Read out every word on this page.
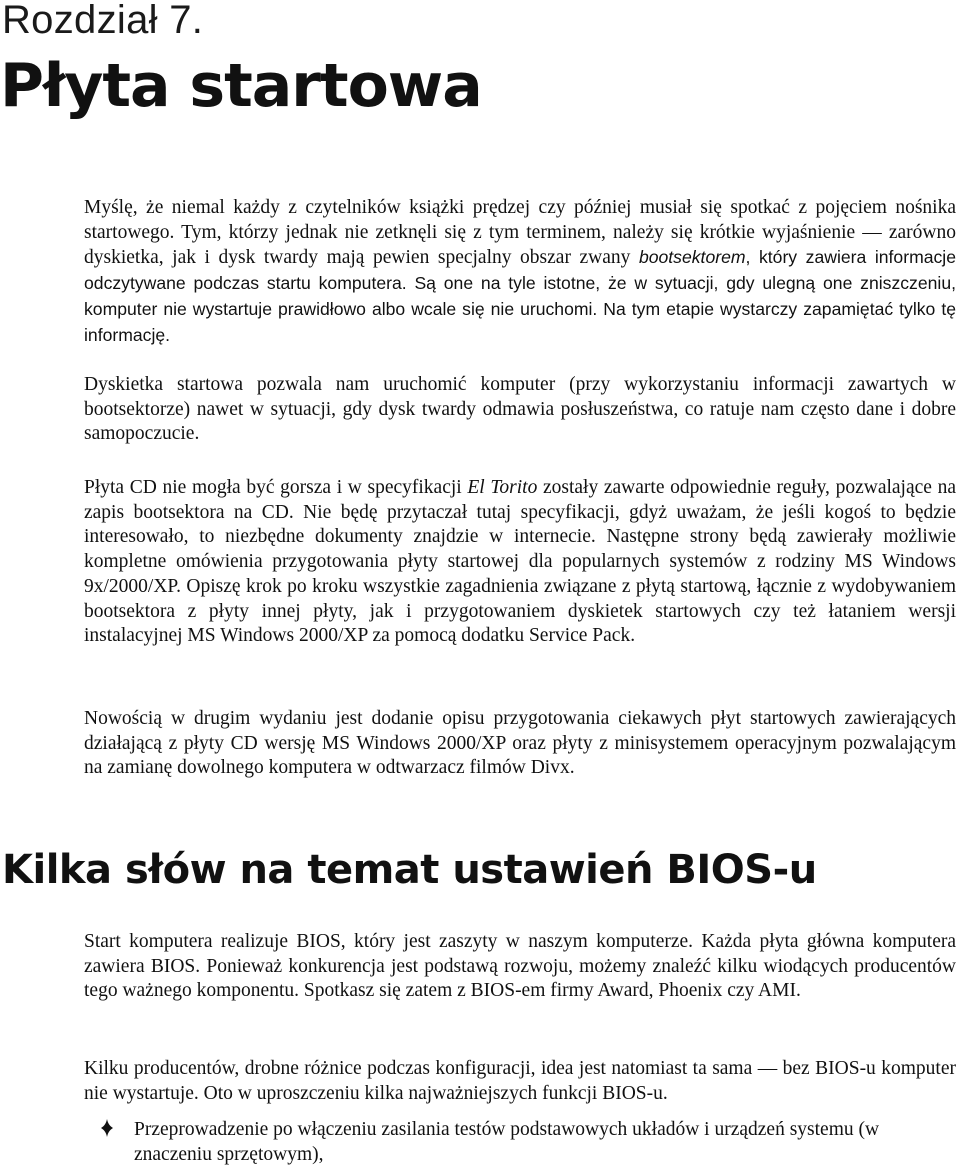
Rozdział 7.
Płyta startowa

Myślę, że niemal każdy z czytelników książki prędzej czy później musiał się spotkać z pojęciem nośnika startowego. Tym, którzy jednak nie zetknęli się z tym terminem, należy się krótkie wyjaśnienie — zarówno dyskietka, jak i dysk twardy mają pewien specjalny obszar zwany bootsektorem, który zawiera informacje odczytywane podczas startu komputera. Są one na tyle istotne, że w sytuacji, gdy ulegną one zniszczeniu, komputer nie wystartuje prawidłowo albo wcale się nie uruchomi. Na tym etapie wystarczy zapamiętać tylko tę informację.

Dyskietka startowa pozwala nam uruchomić komputer (przy wykorzystaniu informacji zawartych w bootsektorze) nawet w sytuacji, gdy dysk twardy odmawia posłuszeństwa, co ratuje nam często dane i dobre samopoczucie.

Płyta CD nie mogła być gorsza i w specyfikacji El Torito zostały zawarte odpowiednie reguły, pozwalające na zapis bootsektora na CD. Nie będę przytaczał tutaj specyfikacji, gdyż uważam, że jeśli kogoś to będzie interesowało, to niezbędne dokumenty znajdzie w internecie. Następne strony będą zawierały możliwie kompletne omówienia przygotowania płyty startowej dla popularnych systemów z rodziny MS Windows 9x/2000/XP. Opiszę krok po kroku wszystkie zagadnienia związane z płytą startową, łącznie z wydobywaniem bootsektora z płyty innej płyty, jak i przygotowaniem dyskietek startowych czy też łataniem wersji instalacyjnej MS Windows 2000/XP za pomocą dodatku Service Pack.

Nowością w drugim wydaniu jest dodanie opisu przygotowania ciekawych płyt startowych zawierających działającą z płyty CD wersję MS Windows 2000/XP oraz płyty z minisystemem operacyjnym pozwalającym na zamianę dowolnego komputera w odtwarzacz filmów Divx.

Kilka słów na temat ustawień BIOS-u

Start komputera realizuje BIOS, który jest zaszyty w naszym komputerze. Każda płyta główna komputera zawiera BIOS. Ponieważ konkurencja jest podstawą rozwoju, możemy znaleźć kilku wiodących producentów tego ważnego komponentu. Spotkasz się zatem z BIOS-em firmy Award, Phoenix czy AMI.

Kilku producentów, drobne różnice podczas konfiguracji, idea jest natomiast ta sama — bez BIOS-u komputer nie wystartuje. Oto w uproszczeniu kilka najważniejszych funkcji BIOS-u.

Przeprowadzenie po włączeniu zasilania testów podstawowych układów i urządzeń systemu (w znaczeniu sprzętowym),
